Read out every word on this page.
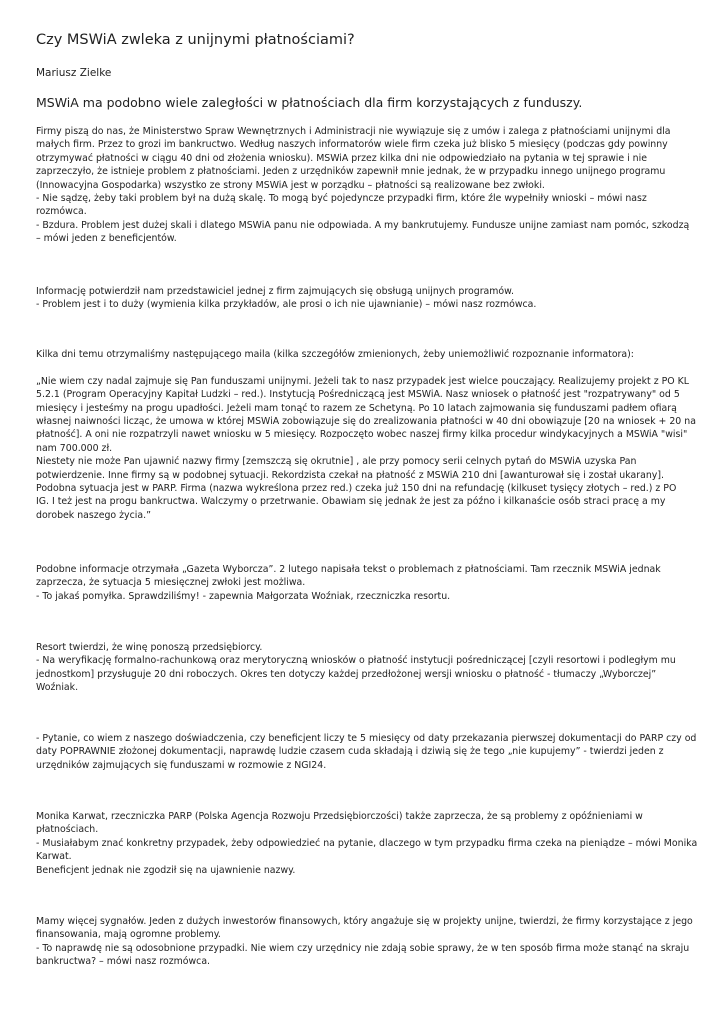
Czy MSWiA zwleka z unijnymi płatnościami?
Mariusz Zielke
MSWiA ma podobno wiele zaległości w płatnościach dla firm korzystających z funduszy.
Firmy piszą do nas, że Ministerstwo Spraw Wewnętrznych i Administracji nie wywiązuje się z umów i zalega z płatnościami unijnymi dla
małych firm. Przez to grozi im bankructwo. Według naszych informatorów wiele firm czeka już blisko 5 miesięcy (podczas gdy powinny
otrzymywać płatności w ciągu 40 dni od złożenia wniosku). MSWiA przez kilka dni nie odpowiedziało na pytania w tej sprawie i nie
zaprzeczyło, że istnieje problem z płatnościami. Jeden z urzędników zapewnił mnie jednak, że w przypadku innego unijnego programu
(Innowacyjna Gospodarka) wszystko ze strony MSWiA jest w porządku – płatności są realizowane bez zwłoki.
- Nie sądzę, żeby taki problem był na dużą skalę. To mogą być pojedyncze przypadki firm, które źle wypełniły wnioski – mówi nasz
rozmówca.
- Bzdura. Problem jest dużej skali i dlatego MSWiA panu nie odpowiada. A my bankrutujemy. Fundusze unijne zamiast nam pomóc, szkodzą
– mówi jeden z beneficjentów.
Informację potwierdził nam przedstawiciel jednej z firm zajmujących się obsługą unijnych programów.
- Problem jest i to duży (wymienia kilka przykładów, ale prosi o ich nie ujawnianie) – mówi nasz rozmówca.
Kilka dni temu otrzymaliśmy następującego maila (kilka szczegółów zmienionych, żeby uniemożliwić rozpoznanie informatora):

„Nie wiem czy nadal zajmuje się Pan funduszami unijnymi. Jeżeli tak to nasz przypadek jest wielce pouczający. Realizujemy projekt z PO KL
5.2.1 (Program Operacyjny Kapitał Ludzki – red.). Instytucją Pośredniczącą jest MSWiA. Nasz wniosek o płatność jest "rozpatrywany" od 5
miesięcy i jesteśmy na progu upadłości. Jeżeli mam tonąć to razem ze Schetyną. Po 10 latach zajmowania się funduszami padłem ofiarą
własnej naiwności licząc, że umowa w której MSWiA zobowiązuje się do zrealizowania płatności w 40 dni obowiązuje [20 na wniosek + 20 na
płatność]. A oni nie rozpatrzyli nawet wniosku w 5 miesięcy. Rozpoczęto wobec naszej firmy kilka procedur windykacyjnych a MSWiA "wisi"
nam 700.000 zł.
Niestety nie może Pan ujawnić nazwy firmy [zemszczą się okrutnie] , ale przy pomocy serii celnych pytań do MSWiA uzyska Pan
potwierdzenie. Inne firmy są w podobnej sytuacji. Rekordzista czekał na płatność z MSWiA 210 dni [awanturował się i został ukarany].
Podobna sytuacja jest w PARP. Firma (nazwa wykreślona przez red.) czeka już 150 dni na refundację (kilkuset tysięcy złotych – red.) z PO
IG. I też jest na progu bankructwa. Walczymy o przetrwanie. Obawiam się jednak że jest za późno i kilkanaście osób straci pracę a my
dorobek naszego życia.”
Podobne informacje otrzymała „Gazeta Wyborcza”. 2 lutego napisała tekst o problemach z płatnościami. Tam rzecznik MSWiA jednak
zaprzecza, że sytuacja 5 miesięcznej zwłoki jest możliwa.
- To jakaś pomyłka. Sprawdziliśmy! - zapewnia Małgorzata Woźniak, rzeczniczka resortu.
Resort twierdzi, że winę ponoszą przedsiębiorcy.
- Na weryfikację formalno-rachunkową oraz merytoryczną wniosków o płatność instytucji pośredniczącej [czyli resortowi i podległym mu
jednostkom] przysługuje 20 dni roboczych. Okres ten dotyczy każdej przedłożonej wersji wniosku o płatność - tłumaczy „Wyborczej”
Woźniak.
- Pytanie, co wiem z naszego doświadczenia, czy beneficjent liczy te 5 miesięcy od daty przekazania pierwszej dokumentacji do PARP czy od
daty POPRAWNIE złożonej dokumentacji, naprawdę ludzie czasem cuda składają i dziwią się że tego „nie kupujemy” - twierdzi jeden z
urzędników zajmujących się funduszami w rozmowie z NGI24.
Monika Karwat, rzeczniczka PARP (Polska Agencja Rozwoju Przedsiębiorczości) także zaprzecza, że są problemy z opóźnieniami w
płatnościach.
- Musiałabym znać konkretny przypadek, żeby odpowiedzieć na pytanie, dlaczego w tym przypadku firma czeka na pieniądze – mówi Monika
Karwat.
Beneficjent jednak nie zgodził się na ujawnienie nazwy.
Mamy więcej sygnałów. Jeden z dużych inwestorów finansowych, który angażuje się w projekty unijne, twierdzi, że firmy korzystające z jego
finansowania, mają ogromne problemy.
- To naprawdę nie są odosobnione przypadki. Nie wiem czy urzędnicy nie zdają sobie sprawy, że w ten sposób firma może stanąć na skraju
bankructwa? – mówi nasz rozmówca.
